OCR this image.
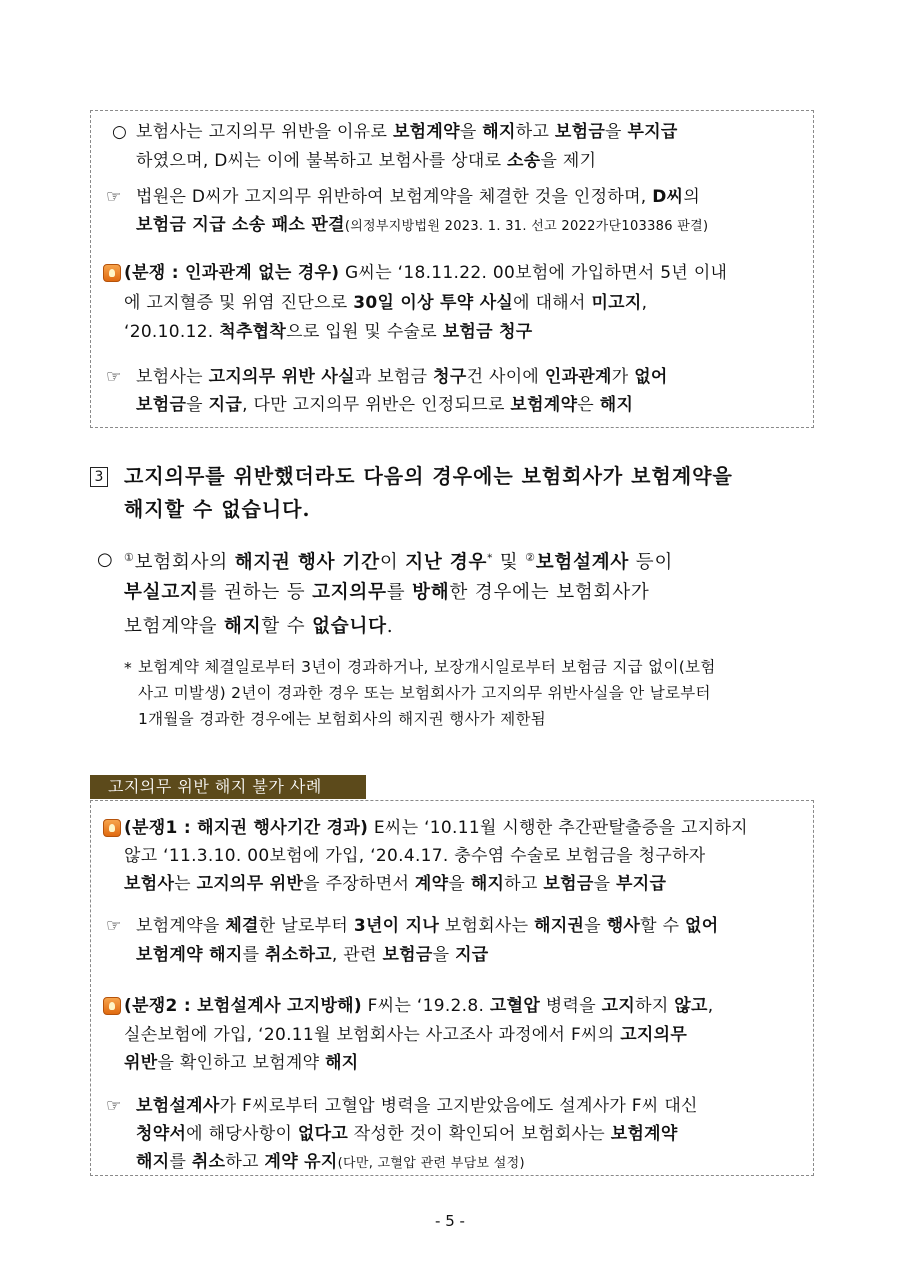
○ 보험사는 고지의무 위반을 이유로 보험계약을 해지하고 보험금을 부지급
하였으며, D씨는 이에 불복하고 보험사를 상대로 소송을 제기
☞ 법원은 D씨가 고지의무 위반하여 보험계약을 체결한 것을 인정하며, D씨의
보험금 지급 소송 패소 판결(의정부지방법원 2023. 1. 31. 선고 2022가단103386 판결)
(분쟁 : 인과관계 없는 경우) G씨는 ‘18.11.22. 00보험에 가입하면서 5년 이내
에 고지혈증 및 위염 진단으로 30일 이상 투약 사실에 대해서 미고지,
‘20.10.12. 척추협착으로 입원 및 수술로 보험금 청구
☞ 보험사는 고지의무 위반 사실과 보험금 청구건 사이에 인과관계가 없어
보험금을 지급, 다만 고지의무 위반은 인정되므로 보험계약은 해지
3 고지의무를 위반했더라도 다음의 경우에는 보험회사가 보험계약을
해지할 수 없습니다.
○ ①보험회사의 해지권 행사 기간이 지난 경우* 및 ②보험설계사 등이
부실고지를 권하는 등 고지의무를 방해한 경우에는 보험회사가
보험계약을 해지할 수 없습니다.
* 보험계약 체결일로부터 3년이 경과하거나, 보장개시일로부터 보험금 지급 없이(보험
사고 미발생) 2년이 경과한 경우 또는 보험회사가 고지의무 위반사실을 안 날로부터
1개월을 경과한 경우에는 보험회사의 해지권 행사가 제한됨
고지의무 위반 해지 불가 사례
(분쟁1 : 해지권 행사기간 경과) E씨는 ‘10.11월 시행한 추간판탈출증을 고지하지
않고 ‘11.3.10. 00보험에 가입, ‘20.4.17. 충수염 수술로 보험금을 청구하자
보험사는 고지의무 위반을 주장하면서 계약을 해지하고 보험금을 부지급
☞ 보험계약을 체결한 날로부터 3년이 지나 보험회사는 해지권을 행사할 수 없어
보험계약 해지를 취소하고, 관련 보험금을 지급
(분쟁2 : 보험설계사 고지방해) F씨는 ‘19.2.8. 고혈압 병력을 고지하지 않고,
실손보험에 가입, ‘20.11월 보험회사는 사고조사 과정에서 F씨의 고지의무
위반을 확인하고 보험계약 해지
☞ 보험설계사가 F씨로부터 고혈압 병력을 고지받았음에도 설계사가 F씨 대신
청약서에 해당사항이 없다고 작성한 것이 확인되어 보험회사는 보험계약
해지를 취소하고 계약 유지(다만, 고혈압 관련 부담보 설정)
- 5 -
